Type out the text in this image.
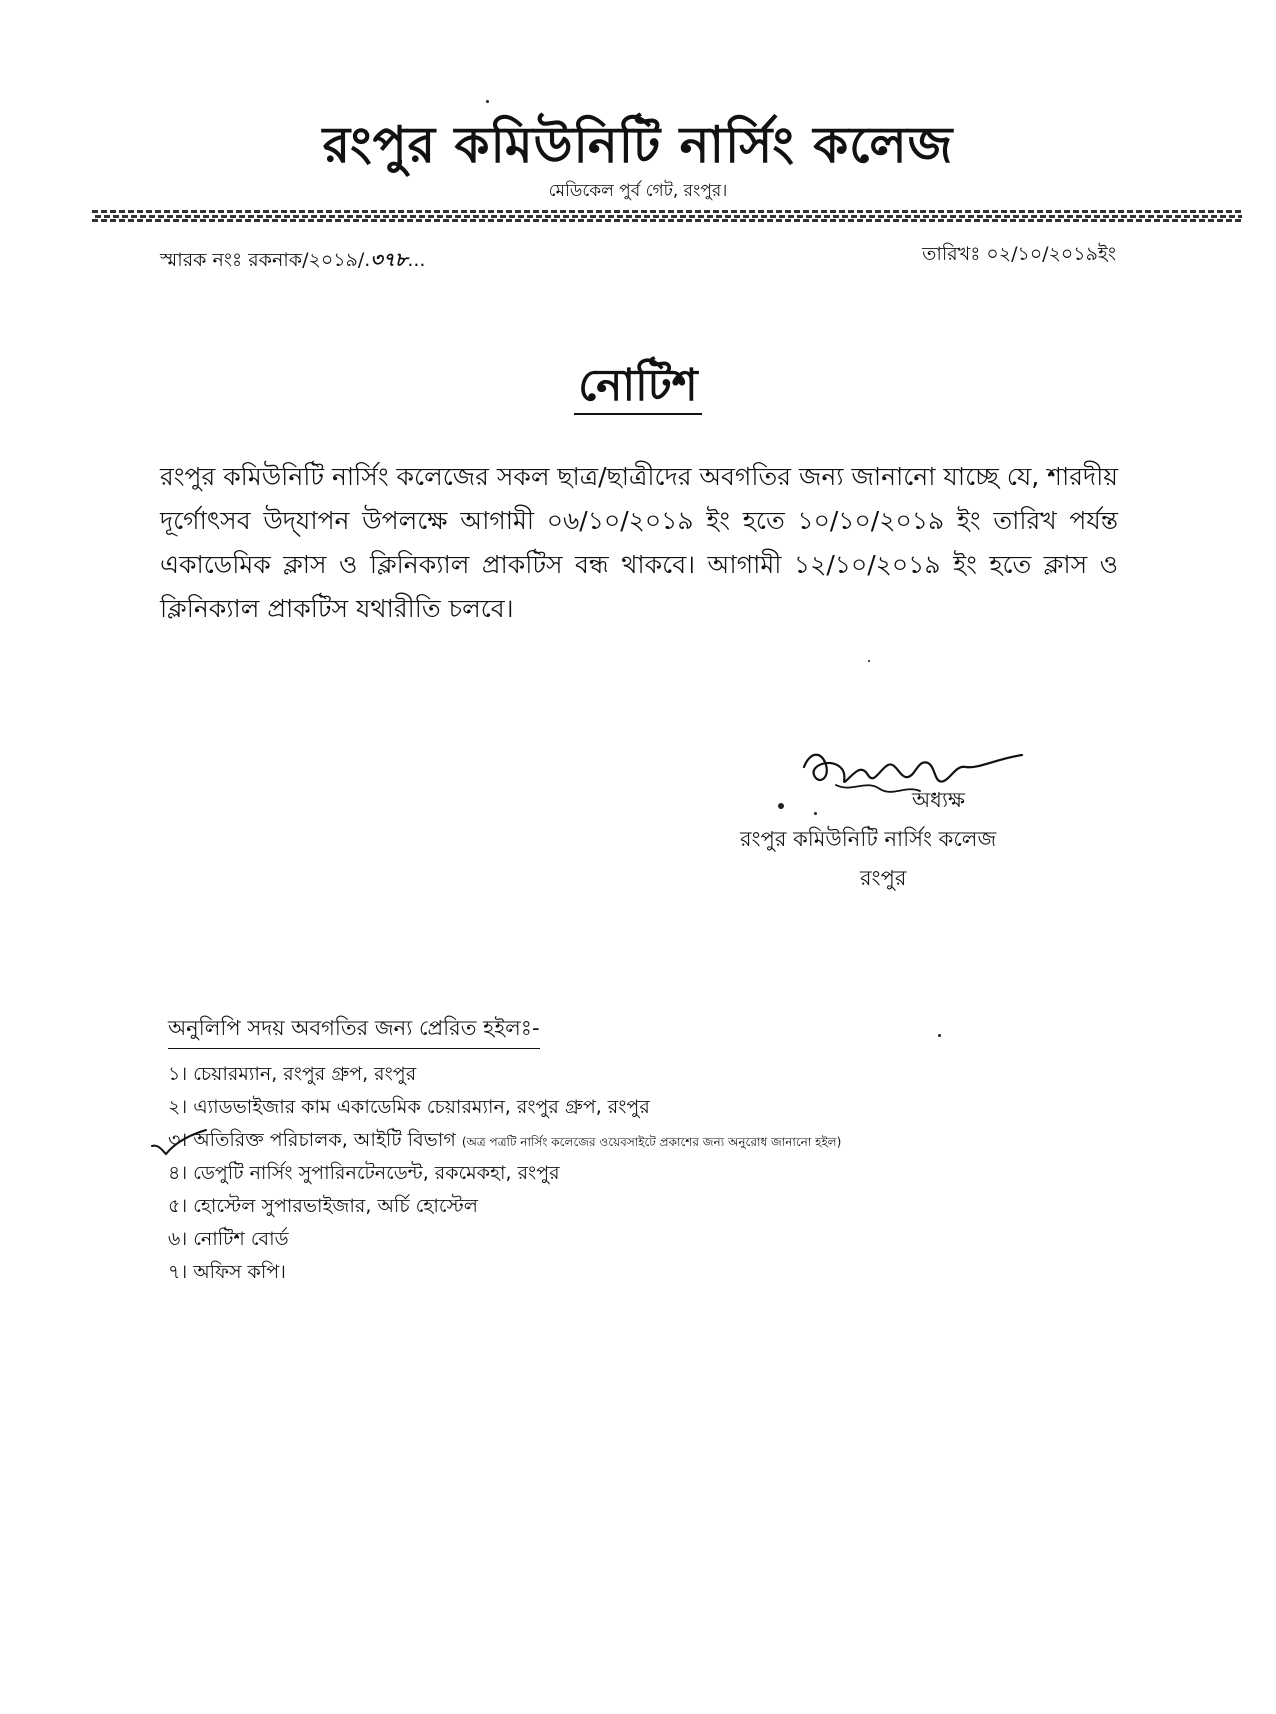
রংপুর কমিউনিটি নার্সিং কলেজ
মেডিকেল পুর্ব গেট, রংপুর।
স্মারক নংঃ রকনাক/২০১৯/.৩৭৮...	তারিখঃ ০২/১০/২০১৯ইং
নোটিশ
রংপুর কমিউনিটি নার্সিং কলেজের সকল ছাত্র/ছাত্রীদের অবগতির জন্য জানানো যাচ্ছে যে, শারদীয় দূর্গোৎসব উদ্‌যাপন উপলক্ষে আগামী ০৬/১০/২০১৯ ইং হতে ১০/১০/২০১৯ ইং তারিখ পর্যন্ত একাডেমিক ক্লাস ও ক্লিনিক্যাল প্রাকটিস বন্ধ থাকবে। আগামী ১২/১০/২০১৯ ইং হতে ক্লাস ও ক্লিনিক্যাল প্রাকটিস যথারীতি চলবে।
অধ্যক্ষ
রংপুর কমিউনিটি নার্সিং কলেজ
রংপুর
অনুলিপি সদয় অবগতির জন্য প্রেরিত হইলঃ-
১। চেয়ারম্যান, রংপুর গ্রুপ, রংপুর
২। এ্যাডভাইজার কাম একাডেমিক চেয়ারম্যান, রংপুর গ্রুপ, রংপুর
৩। অতিরিক্ত পরিচালক, আইটি বিভাগ (অত্র পত্রটি নার্সিং কলেজের ওয়েবসাইটে প্রকাশের জন্য অনুরোধ জানানো হইল)
৪। ডেপুটি নার্সিং সুপারিনটেনডেন্ট, রকমেকহা, রংপুর
৫। হোস্টেল সুপারভাইজার, অর্চি হোস্টেল
৬। নোটিশ বোর্ড
৭। অফিস কপি।
